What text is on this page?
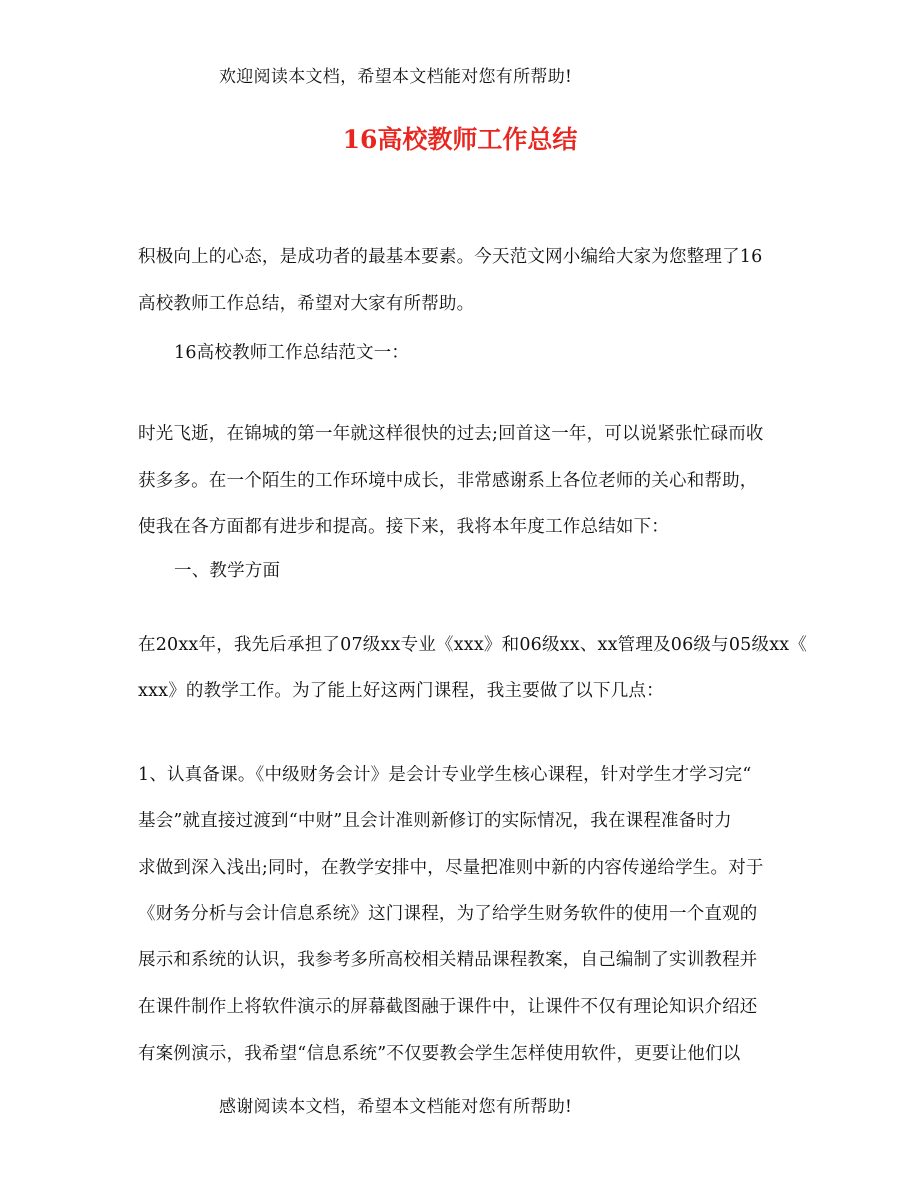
欢迎阅读本文档，希望本文档能对您有所帮助!
16高校教师工作总结
积极向上的心态，是成功者的最基本要素。今天范文网小编给大家为您整理了16
高校教师工作总结，希望对大家有所帮助。
16高校教师工作总结范文一：
时光飞逝，在锦城的第一年就这样很快的过去;回首这一年，可以说紧张忙碌而收
获多多。在一个陌生的工作环境中成长，非常感谢系上各位老师的关心和帮助，
使我在各方面都有进步和提高。接下来，我将本年度工作总结如下：
一、教学方面
在20xx年，我先后承担了07级xx专业《xxx》和06级xx、xx管理及06级与05级xx《
xxx》的教学工作。为了能上好这两门课程，我主要做了以下几点：
1、认真备课。《中级财务会计》是会计专业学生核心课程，针对学生才学习完“
基会”就直接过渡到“中财”且会计准则新修订的实际情况，我在课程准备时力
求做到深入浅出;同时，在教学安排中，尽量把准则中新的内容传递给学生。对于
《财务分析与会计信息系统》这门课程，为了给学生财务软件的使用一个直观的
展示和系统的认识，我参考多所高校相关精品课程教案，自己编制了实训教程并
在课件制作上将软件演示的屏幕截图融于课件中，让课件不仅有理论知识介绍还
有案例演示，我希望“信息系统”不仅要教会学生怎样使用软件，更要让他们以
感谢阅读本文档，希望本文档能对您有所帮助!
